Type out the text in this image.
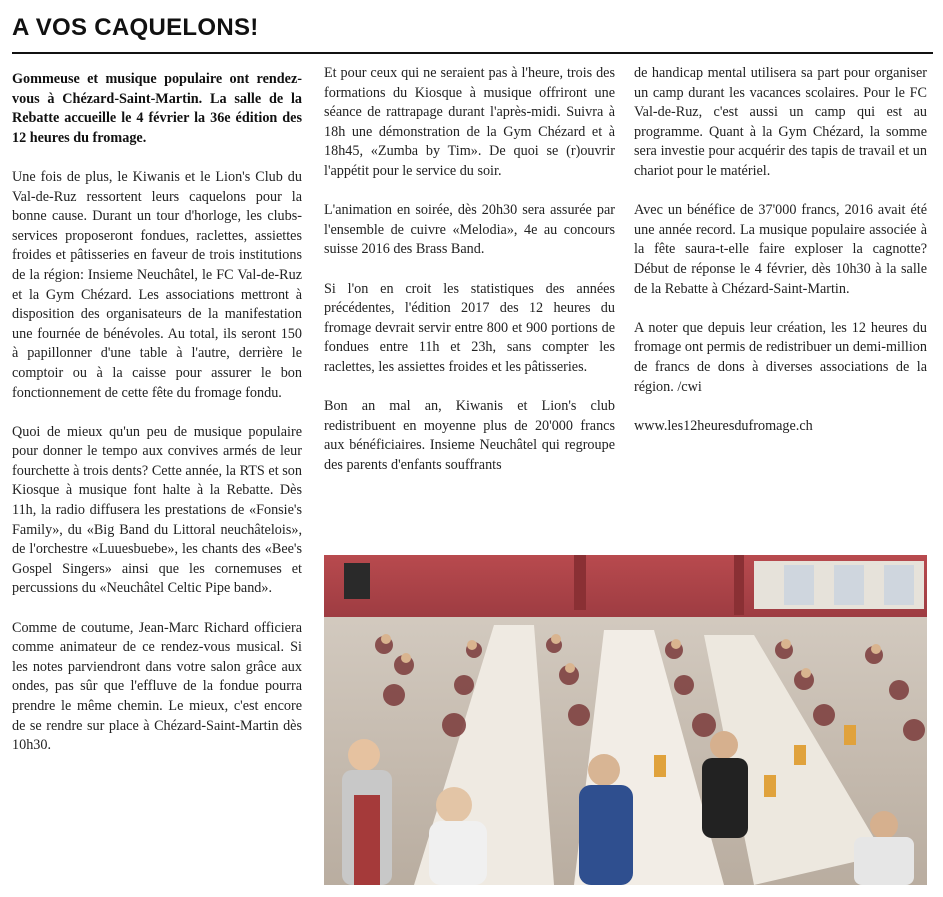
A VOS CAQUELONS!

Gommeuse et musique populaire ont rendez-vous à Chézard-Saint-Martin. La salle de la Rebatte accueille le 4 février la 36e édition des 12 heures du fromage.

Une fois de plus, le Kiwanis et le Lion's Club du Val-de-Ruz ressortent leurs caquelons pour la bonne cause. Durant un tour d'horloge, les clubs-services proposeront fondues, raclettes, assiettes froides et pâtisseries en faveur de trois institutions de la région: Insieme Neuchâtel, le FC Val-de-Ruz et la Gym Chézard. Les associations mettront à disposition des organisateurs de la manifestation une fournée de bénévoles. Au total, ils seront 150 à papillonner d'une table à l'autre, derrière le comptoir ou à la caisse pour assurer le bon fonctionnement de cette fête du fromage fondu.

Quoi de mieux qu'un peu de musique populaire pour donner le tempo aux convives armés de leur fourchette à trois dents? Cette année, la RTS et son Kiosque à musique font halte à la Rebatte. Dès 11h, la radio diffusera les prestations de «Fonsie's Family», du «Big Band du Littoral neuchâtelois», de l'orchestre «Luuesbuebe», les chants des «Bee's Gospel Singers» ainsi que les cornemuses et percussions du «Neuchâtel Celtic Pipe band».

Comme de coutume, Jean-Marc Richard officiera comme animateur de ce rendez-vous musical. Si les notes parviendront dans votre salon grâce aux ondes, pas sûr que l'effluve de la fondue pourra prendre le même chemin. Le mieux, c'est encore de se rendre sur place à Chézard-Saint-Martin dès 10h30.

Et pour ceux qui ne seraient pas à l'heure, trois des formations du Kiosque à musique offriront une séance de rattrapage durant l'après-midi. Suivra à 18h une démonstration de la Gym Chézard et à 18h45, «Zumba by Tim». De quoi se (r)ouvrir l'appétit pour le service du soir.

L'animation en soirée, dès 20h30 sera assurée par l'ensemble de cuivre «Melodia», 4e au concours suisse 2016 des Brass Band.

Si l'on en croit les statistiques des années précédentes, l'édition 2017 des 12 heures du fromage devrait servir entre 800 et 900 portions de fondues entre 11h et 23h, sans compter les raclettes, les assiettes froides et les pâtisseries.

Bon an mal an, Kiwanis et Lion's club redistribuent en moyenne plus de 20'000 francs aux bénéficiaires. Insieme Neuchâtel qui regroupe des parents d'enfants souffrants

de handicap mental utilisera sa part pour organiser un camp durant les vacances scolaires. Pour le FC Val-de-Ruz, c'est aussi un camp qui est au programme. Quant à la Gym Chézard, la somme sera investie pour acquérir des tapis de travail et un chariot pour le matériel.

Avec un bénéfice de 37'000 francs, 2016 avait été une année record. La musique populaire associée à la fête saura-t-elle faire exploser la cagnotte? Début de réponse le 4 février, dès 10h30 à la salle de la Rebatte à Chézard-Saint-Martin.

A noter que depuis leur création, les 12 heures du fromage ont permis de redistribuer un demi-million de francs de dons à diverses associations de la région. /cwi

www.les12heuresdufromage.ch
